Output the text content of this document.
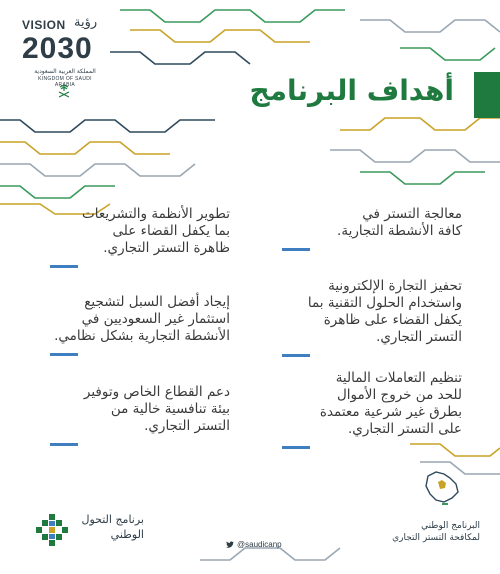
VISION رؤية
2030
المملكة العربية السعودية
KINGDOM OF SAUDI ARABIA	أهداف البرنامج
معالجة التستر في
كافة الأنشطة التجارية.
تطوير الأنظمة والتشريعات
بما يكفل القضاء على
ظاهرة التستر التجاري.
تحفيز التجارة الإلكترونية
واستخدام الحلول التقنية بما
يكفل القضاء على ظاهرة
التستر التجاري.
إيجاد أفضل السبل لتشجيع
استثمار غير السعوديين في
الأنشطة التجارية بشكل نظامي.
تنظيم التعاملات المالية
للحد من خروج الأموال
بطرق غير شرعية معتمدة
على التستر التجاري.
دعم القطاع الخاص وتوفير
بيئة تنافسية خالية من
التستر التجاري.
برنامج التحول
الوطني
@saudicanp
البرنامج الوطني
لمكافحة التستر التجاري
